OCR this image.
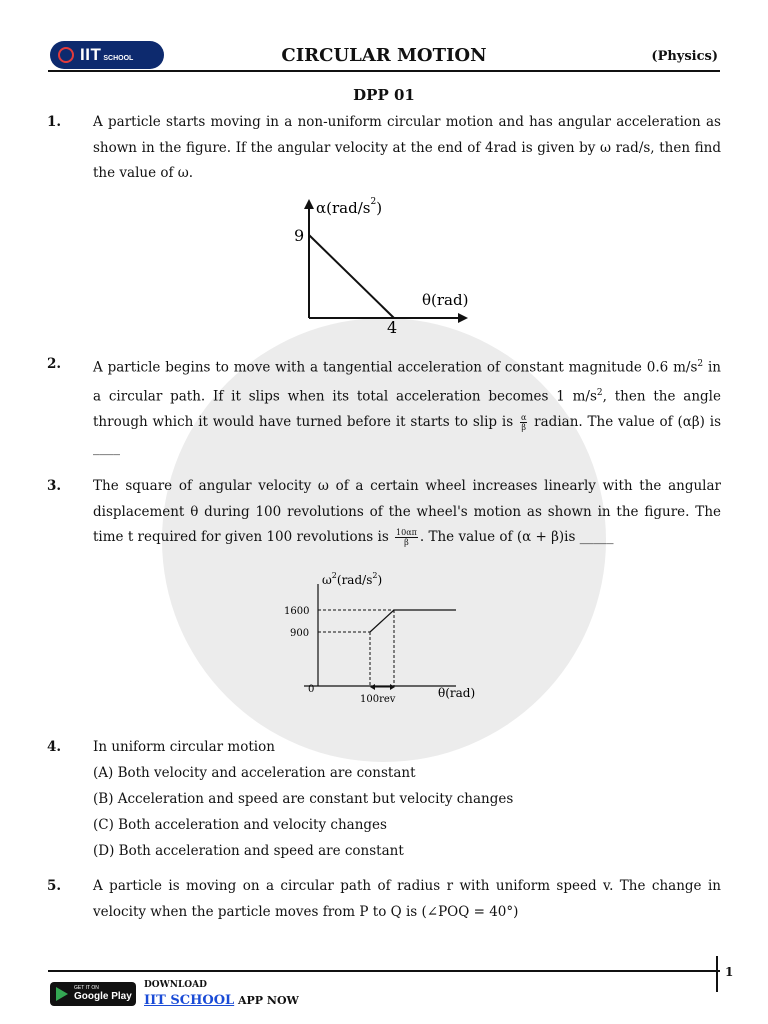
IIT SCHOOL	CIRCULAR MOTION	(Physics)
DPP 01
1. A particle starts moving in a non-uniform circular motion and has angular acceleration as shown in the figure. If the angular velocity at the end of 4rad is given by ω rad/s, then find the value of ω.
$\alpha(rad/s^2)$
9
θ(rad)
4
2. A particle begins to move with a tangential acceleration of constant magnitude 0.6 $m/s^2$ in a circular path. If it slips when its total acceleration becomes 1 $m/s^2$, then the angle through which it would have turned before it starts to slip is $\frac{\alpha}{\beta}$ radian. The value of (αβ) is ____
3. The square of angular velocity ω of a certain wheel increases linearly with the angular displacement θ during 100 revolutions of the wheel's motion as shown in the figure. The time t required for given 100 revolutions is $\frac{10\alpha\pi}{\beta}$ . The value of (α + β)is _____
$\omega^2(rad/s^2)$
1600
900
0
100rev	θ(rad)
4. In uniform circular motion
(A) Both velocity and acceleration are constant
(B) Acceleration and speed are constant but velocity changes
(C) Both acceleration and velocity changes
(D) Both acceleration and speed are constant
5. A particle is moving on a circular path of radius r with uniform speed v. The change in velocity when the particle moves from P to Q is (∠POQ = 40°)
1
GET IT ON
Google Play
DOWNLOAD
IIT SCHOOL APP NOW
